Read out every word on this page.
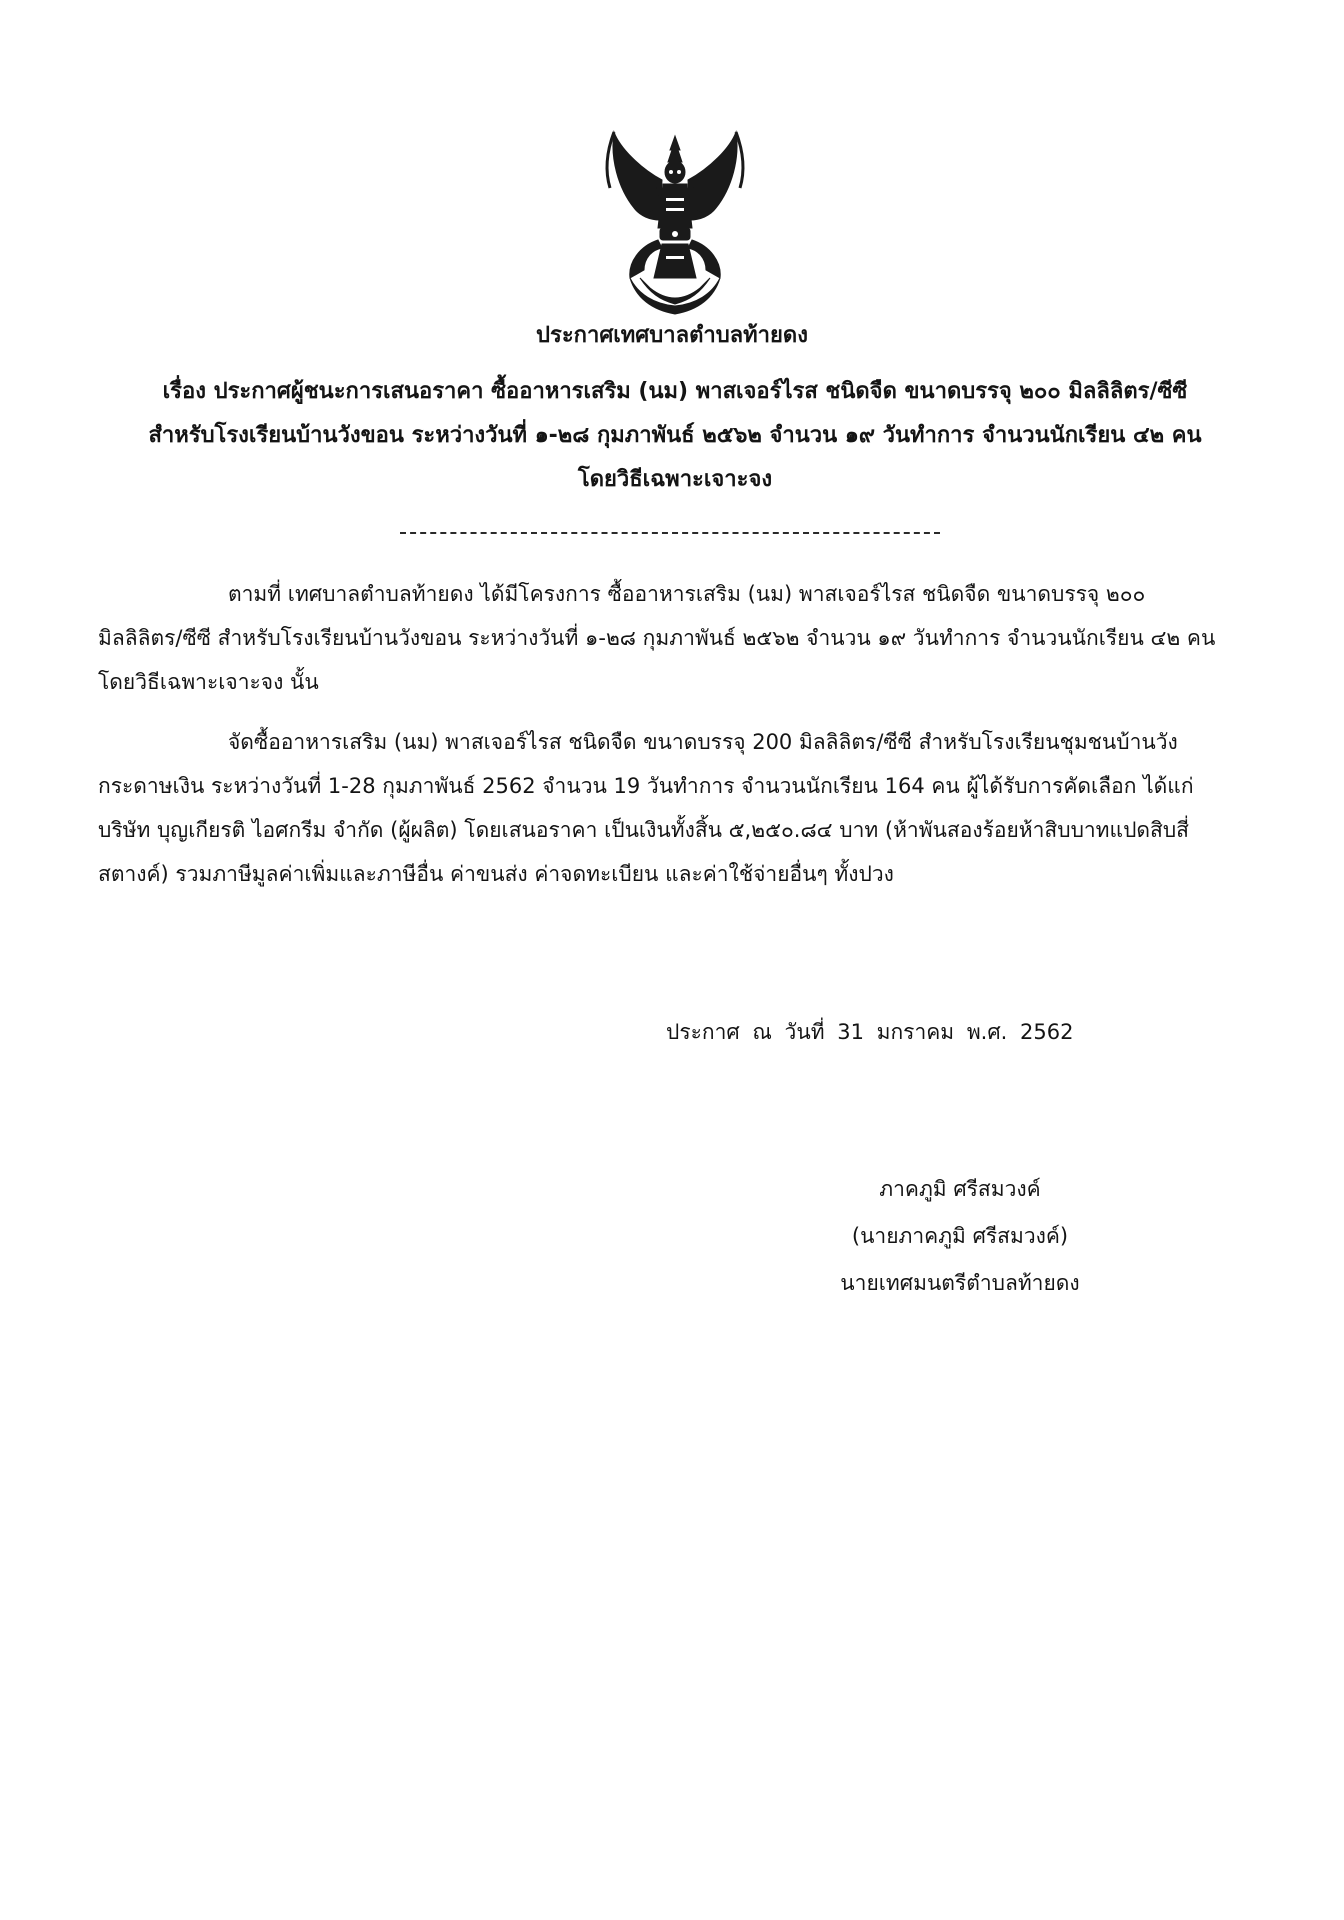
ประกาศเทศบาลตำบลท้ายดง
เรื่อง ประกาศผู้ชนะการเสนอราคา ซื้ออาหารเสริม (นม) พาสเจอร์ไรส ชนิดจืด ขนาดบรรจุ ๒๐๐ มิลลิลิตร/ซีซี สำหรับโรงเรียนบ้านวังขอน ระหว่างวันที่ ๑-๒๘ กุมภาพันธ์ ๒๕๖๒ จำนวน ๑๙ วันทำการ จำนวนนักเรียน ๔๒ คน โดยวิธีเฉพาะเจาะจง

ตามที่ เทศบาลตำบลท้ายดง ได้มีโครงการ ซื้ออาหารเสริม (นม) พาสเจอร์ไรส ชนิดจืด ขนาดบรรจุ ๒๐๐ มิลลิลิตร/ซีซี สำหรับโรงเรียนบ้านวังขอน ระหว่างวันที่ ๑-๒๘ กุมภาพันธ์ ๒๕๖๒ จำนวน ๑๙ วันทำการ จำนวนนักเรียน ๔๒ คน โดยวิธีเฉพาะเจาะจง นั้น

จัดซื้ออาหารเสริม (นม) พาสเจอร์ไรส ชนิดจืด ขนาดบรรจุ 200 มิลลิลิตร/ซีซี สำหรับโรงเรียนชุมชนบ้านวังกระดาษเงิน ระหว่างวันที่ 1-28 กุมภาพันธ์ 2562 จำนวน 19 วันทำการ จำนวนนักเรียน 164 คน ผู้ได้รับการคัดเลือก ได้แก่ บริษัท บุญเกียรติ ไอศกรีม จำกัด (ผู้ผลิต) โดยเสนอราคา เป็นเงินทั้งสิ้น ๕,๒๕๐.๘๔ บาท (ห้าพันสองร้อยห้าสิบบาทแปดสิบสี่สตางค์) รวมภาษีมูลค่าเพิ่มและภาษีอื่น ค่าขนส่ง ค่าจดทะเบียน และค่าใช้จ่ายอื่นๆ ทั้งปวง

ประกาศ ณ วันที่ 31 มกราคม พ.ศ. 2562
ภาคภูมิ ศรีสมวงค์
(นายภาคภูมิ ศรีสมวงค์)
นายเทศมนตรีตำบลท้ายดง
